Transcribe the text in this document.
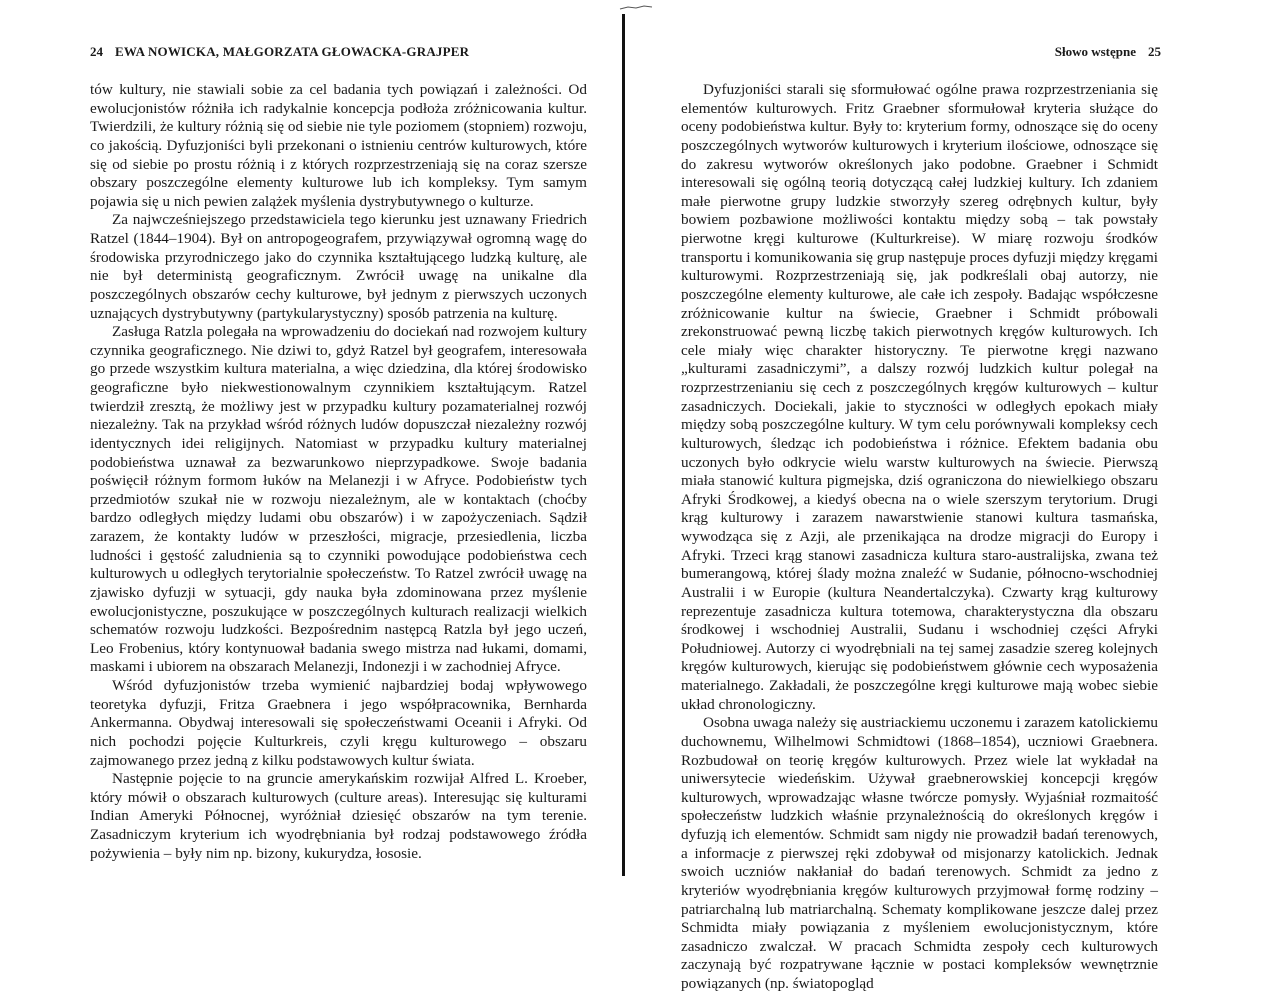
24 EWA NOWICKA, MAŁGORZATA GŁOWACKA-GRAJPER

tów kultury, nie stawiali sobie za cel badania tych powiązań i zależności. Od ewolucjonistów różniła ich radykalnie koncepcja podłoża zróżnicowania kultur. Twierdzili, że kultury różnią się od siebie nie tyle poziomem (stopniem) rozwoju, co jakością. Dyfuzjoniści byli przekonani o istnieniu centrów kulturowych, które się od siebie po prostu różnią i z których rozprzestrzeniają się na coraz szersze obszary poszczególne elementy kulturowe lub ich kompleksy. Tym samym pojawia się u nich pewien zalążek myślenia dystrybutywnego o kulturze.

Za najwcześniejszego przedstawiciela tego kierunku jest uznawany Friedrich Ratzel (1844–1904). Był on antropogeografem, przywiązywał ogromną wagę do środowiska przyrodniczego jako do czynnika kształtującego ludzką kulturę, ale nie był deterministą geograficznym. Zwrócił uwagę na unikalne dla poszczególnych obszarów cechy kulturowe, był jednym z pierwszych uczonych uznających dystrybutywny (partykularystyczny) sposób patrzenia na kulturę.

Zasługa Ratzla polegała na wprowadzeniu do dociekań nad rozwojem kultury czynnika geograficznego. Nie dziwi to, gdyż Ratzel był geografem, interesowała go przede wszystkim kultura materialna, a więc dziedzina, dla której środowisko geograficzne było niekwestionowalnym czynnikiem kształtującym. Ratzel twierdził zresztą, że możliwy jest w przypadku kultury pozamaterialnej rozwój niezależny. Tak na przykład wśród różnych ludów dopuszczał niezależny rozwój identycznych idei religijnych. Natomiast w przypadku kultury materialnej podobieństwa uznawał za bezwarunkowo nieprzypadkowe. Swoje badania poświęcił różnym formom łuków na Melanezji i w Afryce. Podobieństw tych przedmiotów szukał nie w rozwoju niezależnym, ale w kontaktach (choćby bardzo odległych między ludami obu obszarów) i w zapożyczeniach. Sądził zarazem, że kontakty ludów w przeszłości, migracje, przesiedlenia, liczba ludności i gęstość zaludnienia są to czynniki powodujące podobieństwa cech kulturowych u odległych terytorialnie społeczeństw. To Ratzel zwrócił uwagę na zjawisko dyfuzji w sytuacji, gdy nauka była zdominowana przez myślenie ewolucjonistyczne, poszukujące w poszczególnych kulturach realizacji wielkich schematów rozwoju ludzkości. Bezpośrednim następcą Ratzla był jego uczeń, Leo Frobenius, który kontynuował badania swego mistrza nad łukami, domami, maskami i ubiorem na obszarach Melanezji, Indonezji i w zachodniej Afryce.

Wśród dyfuzjonistów trzeba wymienić najbardziej bodaj wpływowego teoretyka dyfuzji, Fritza Graebnera i jego współpracownika, Bernharda Ankermanna. Obydwaj interesowali się społeczeństwami Oceanii i Afryki. Od nich pochodzi pojęcie Kulturkreis, czyli kręgu kulturowego – obszaru zajmowanego przez jedną z kilku podstawowych kultur świata.

Następnie pojęcie to na gruncie amerykańskim rozwijał Alfred L. Kroeber, który mówił o obszarach kulturowych (culture areas). Interesując się kulturami Indian Ameryki Północnej, wyróżniał dziesięć obszarów na tym terenie. Zasadniczym kryterium ich wyodrębniania był rodzaj podstawowego źródła pożywienia – były nim np. bizony, kukurydza, łososie.

Słowo wstępne 25

Dyfuzjoniści starali się sformułować ogólne prawa rozprzestrzeniania się elementów kulturowych. Fritz Graebner sformułował kryteria służące do oceny podobieństwa kultur. Były to: kryterium formy, odnoszące się do oceny poszczególnych wytworów kulturowych i kryterium ilościowe, odnoszące się do zakresu wytworów określonych jako podobne. Graebner i Schmidt interesowali się ogólną teorią dotyczącą całej ludzkiej kultury. Ich zdaniem małe pierwotne grupy ludzkie stworzyły szereg odrębnych kultur, były bowiem pozbawione możliwości kontaktu między sobą – tak powstały pierwotne kręgi kulturowe (Kulturkreise). W miarę rozwoju środków transportu i komunikowania się grup następuje proces dyfuzji między kręgami kulturowymi. Rozprzestrzeniają się, jak podkreślali obaj autorzy, nie poszczególne elementy kulturowe, ale całe ich zespoły. Badając współczesne zróżnicowanie kultur na świecie, Graebner i Schmidt próbowali zrekonstruować pewną liczbę takich pierwotnych kręgów kulturowych. Ich cele miały więc charakter historyczny. Te pierwotne kręgi nazwano „kulturami zasadniczymi”, a dalszy rozwój ludzkich kultur polegał na rozprzestrzenianiu się cech z poszczególnych kręgów kulturowych – kultur zasadniczych. Dociekali, jakie to styczności w odległych epokach miały między sobą poszczególne kultury. W tym celu porównywali kompleksy cech kulturowych, śledząc ich podobieństwa i różnice. Efektem badania obu uczonych było odkrycie wielu warstw kulturowych na świecie. Pierwszą miała stanowić kultura pigmejska, dziś ograniczona do niewielkiego obszaru Afryki Środkowej, a kiedyś obecna na o wiele szerszym terytorium. Drugi krąg kulturowy i zarazem nawarstwienie stanowi kultura tasmańska, wywodząca się z Azji, ale przenikająca na drodze migracji do Europy i Afryki. Trzeci krąg stanowi zasadnicza kultura staro-australijska, zwana też bumerangową, której ślady można znaleźć w Sudanie, północno-wschodniej Australii i w Europie (kultura Neandertalczyka). Czwarty krąg kulturowy reprezentuje zasadnicza kultura totemowa, charakterystyczna dla obszaru środkowej i wschodniej Australii, Sudanu i wschodniej części Afryki Południowej. Autorzy ci wyodrębniali na tej samej zasadzie szereg kolejnych kręgów kulturowych, kierując się podobieństwem głównie cech wyposażenia materialnego. Zakładali, że poszczególne kręgi kulturowe mają wobec siebie układ chronologiczny.

Osobna uwaga należy się austriackiemu uczonemu i zarazem katolickiemu duchownemu, Wilhelmowi Schmidtowi (1868–1854), uczniowi Graebnera. Rozbudował on teorię kręgów kulturowych. Przez wiele lat wykładał na uniwersytecie wiedeńskim. Używał graebnerowskiej koncepcji kręgów kulturowych, wprowadzając własne twórcze pomysły. Wyjaśniał rozmaitość społeczeństw ludzkich właśnie przynależnością do określonych kręgów i dyfuzją ich elementów. Schmidt sam nigdy nie prowadził badań terenowych, a informacje z pierwszej ręki zdobywał od misjonarzy katolickich. Jednak swoich uczniów nakłaniał do badań terenowych. Schmidt za jedno z kryteriów wyodrębniania kręgów kulturowych przyjmował formę rodziny – patriarchalną lub matriarchalną. Schematy komplikowane jeszcze dalej przez Schmidta miały powiązania z myśleniem ewolucjonistycznym, które zasadniczo zwalczał. W pracach Schmidta zespoły cech kulturowych zaczynają być rozpatrywane łącznie w postaci kompleksów wewnętrznie powiązanych (np. światopogląd
